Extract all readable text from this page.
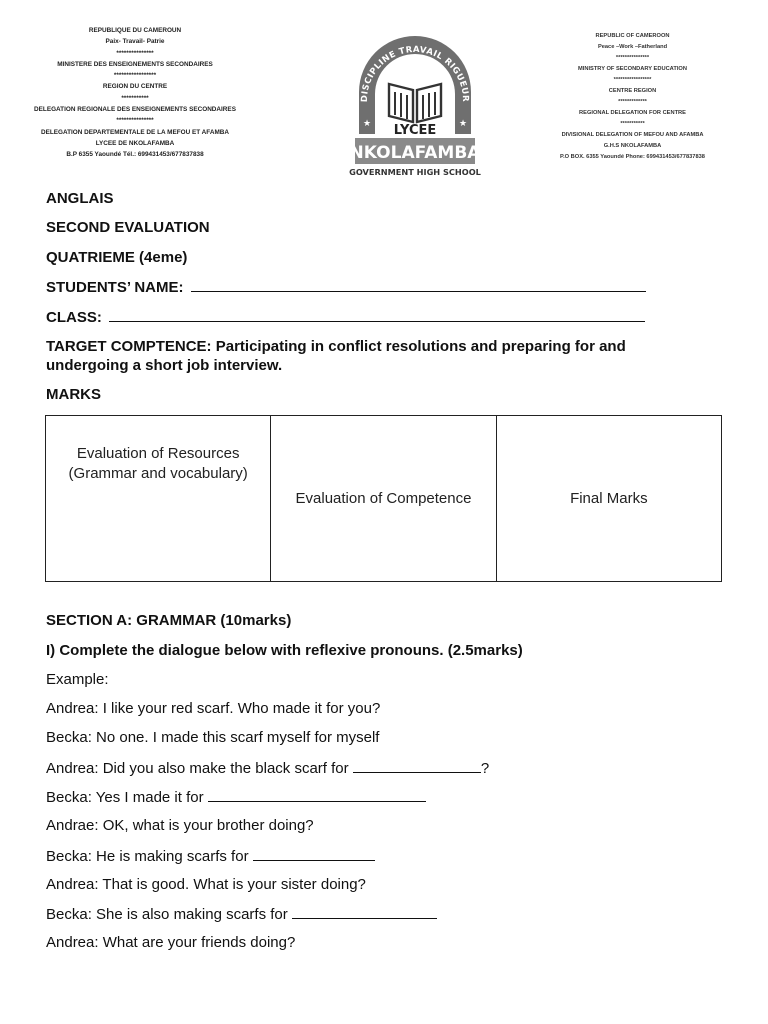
REPUBLIQUE DU CAMEROUN
Paix- Travail- Patrie
***************
MINISTERE DES ENSEIGNEMENTS SECONDAIRES
*****************
REGION DU CENTRE
***********
DELEGATION REGIONALE DES ENSEIGNEMENTS SECONDAIRES
***************
DELEGATION DEPARTEMENTALE DE LA MEFOU ET AFAMBA
LYCEE DE NKOLAFAMBA
B.P 6355 Yaoundé Tél.: 699431453/677837838
DISCIPLINE TRAVAIL RIGUEUR
★	★
LYCEE
NKOLAFAMBA
GOVERNMENT HIGH SCHOOL
REPUBLIC OF CAMEROON
Peace –Work –Fatherland
***************
MINISTRY OF SECONDARY EDUCATION
*****************
CENTRE REGION
*************
REGIONAL DELEGATION FOR CENTRE
***********
DIVISIONAL DELEGATION OF MEFOU AND AFAMBA
G.H.S NKOLAFAMBA
P.O BOX. 6355 Yaoundé Phone: 699431453/677837838
ANGLAIS
SECOND EVALUATION
QUATRIEME (4eme)
STUDENTS’ NAME:
CLASS:
TARGET COMPTENCE: Participating in conflict resolutions and preparing for and undergoing a short job interview.
MARKS
Evaluation of Resources
(Grammar and vocabulary)
	Evaluation of Competence	Final Marks
SECTION A: GRAMMAR (10marks)
I) Complete the dialogue below with reflexive pronouns. (2.5marks)
Example:
Andrea: I like your red scarf. Who made it for you?
Becka: No one. I made this scarf myself for myself
Andrea: Did you also make the black scarf for	?
Becka: Yes I made it for
Andrae: OK, what is your brother doing?
Becka: He is making scarfs for
Andrea: That is good. What is your sister doing?
Becka: She is also making scarfs for
Andrea: What are your friends doing?
